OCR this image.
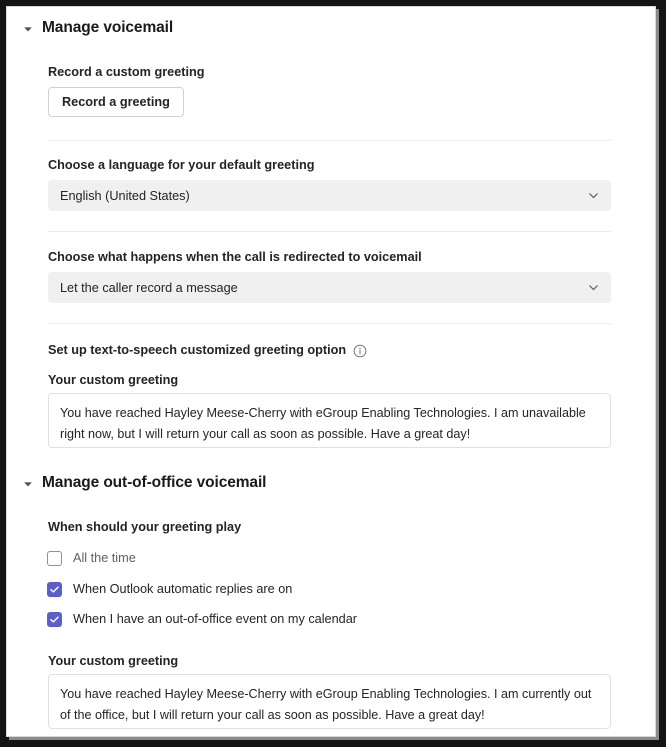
Manage voicemail
Record a custom greeting
Record a greeting
Choose a language for your default greeting
English (United States)
Choose what happens when the call is redirected to voicemail
Let the caller record a message
Set up text-to-speech customized greeting option
Your custom greeting
You have reached Hayley Meese-Cherry with eGroup Enabling Technologies. I am unavailable right now, but I will return your call as soon as possible. Have a great day!
Manage out-of-office voicemail
When should your greeting play
All the time
When Outlook automatic replies are on
When I have an out-of-office event on my calendar
Your custom greeting
You have reached Hayley Meese-Cherry with eGroup Enabling Technologies. I am currently out of the office, but I will return your call as soon as possible. Have a great day!
